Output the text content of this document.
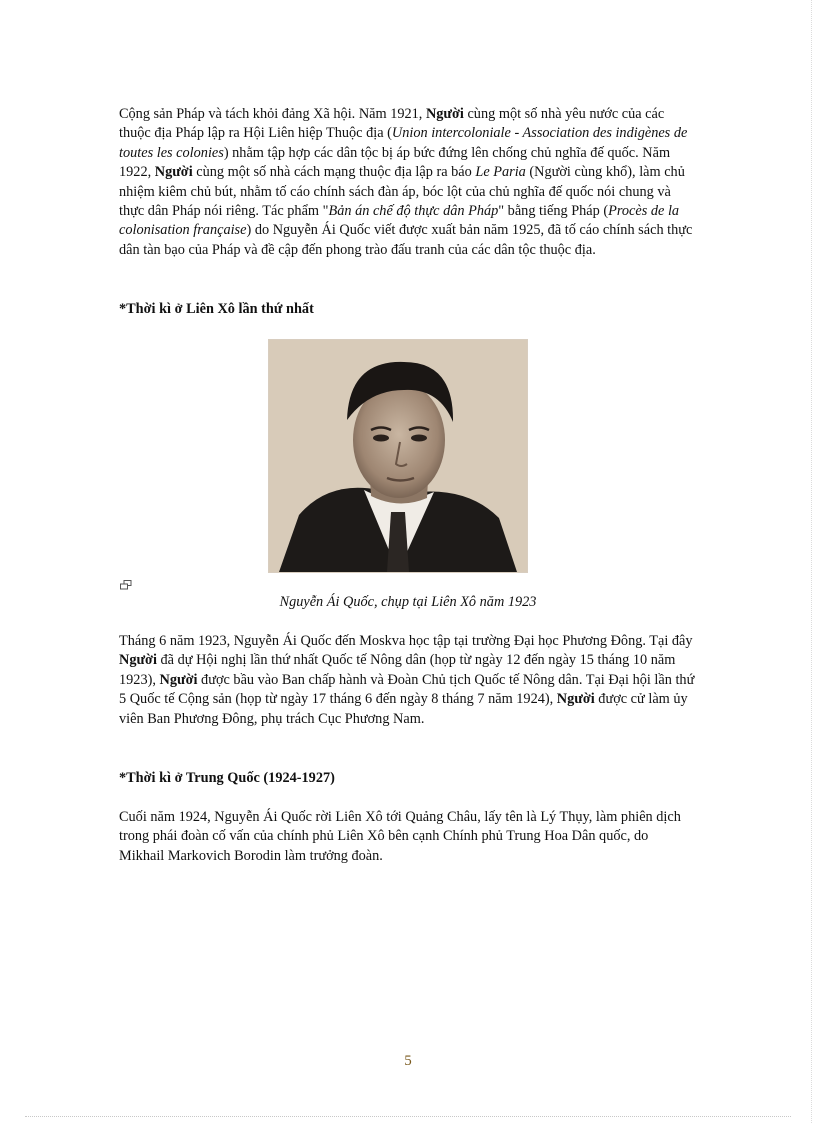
Cộng sản Pháp và tách khỏi đảng Xã hội. Năm 1921, Người cùng một số nhà yêu nước của các thuộc địa Pháp lập ra Hội Liên hiệp Thuộc địa (Union intercoloniale - Association des indigènes de toutes les colonies) nhằm tập hợp các dân tộc bị áp bức đứng lên chống chủ nghĩa đế quốc. Năm 1922, Người cùng một số nhà cách mạng thuộc địa lập ra báo Le Paria (Người cùng khổ), làm chủ nhiệm kiêm chủ bút, nhằm tố cáo chính sách đàn áp, bóc lột của chủ nghĩa đế quốc nói chung và thực dân Pháp nói riêng. Tác phẩm "Bản án chế độ thực dân Pháp" bằng tiếng Pháp (Procès de la colonisation française) do Nguyễn Ái Quốc viết được xuất bản năm 1925, đã tố cáo chính sách thực dân tàn bạo của Pháp và đề cập đến phong trào đấu tranh của các dân tộc thuộc địa.

*Thời kì ở Liên Xô lần thứ nhất
Nguyễn Ái Quốc, chụp tại Liên Xô năm 1923

Tháng 6 năm 1923, Nguyễn Ái Quốc đến Moskva học tập tại trường Đại học Phương Đông. Tại đây Người đã dự Hội nghị lần thứ nhất Quốc tế Nông dân (họp từ ngày 12 đến ngày 15 tháng 10 năm 1923), Người được bầu vào Ban chấp hành và Đoàn Chủ tịch Quốc tế Nông dân. Tại Đại hội lần thứ 5 Quốc tế Cộng sản (họp từ ngày 17 tháng 6 đến ngày 8 tháng 7 năm 1924), Người được cử làm ủy viên Ban Phương Đông, phụ trách Cục Phương Nam.

*Thời kì ở Trung Quốc (1924-1927)

Cuối năm 1924, Nguyễn Ái Quốc rời Liên Xô tới Quảng Châu, lấy tên là Lý Thụy, làm phiên dịch trong phái đoàn cố vấn của chính phủ Liên Xô bên cạnh Chính phủ Trung Hoa Dân quốc, do Mikhail Markovich Borodin làm trưởng đoàn.

5
